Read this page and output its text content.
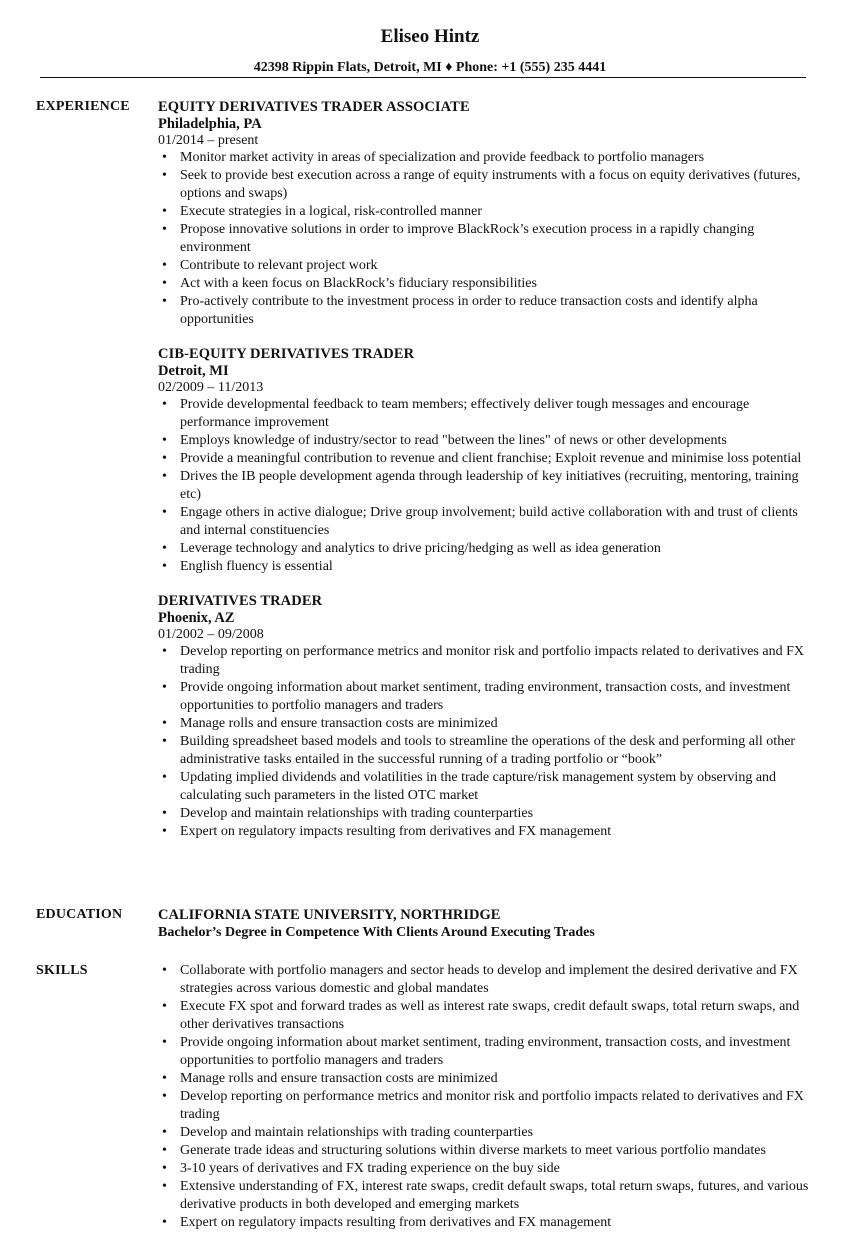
Eliseo Hintz
42398 Rippin Flats, Detroit, MI ♦ Phone: +1 (555) 235 4441
EXPERIENCE EQUITY DERIVATIVES TRADER ASSOCIATE
Philadelphia, PA
01/2014 – present
• Monitor market activity in areas of specialization and provide feedback to portfolio managers
• Seek to provide best execution across a range of equity instruments with a focus on equity derivatives (futures, options and swaps)
• Execute strategies in a logical, risk-controlled manner
• Propose innovative solutions in order to improve BlackRock’s execution process in a rapidly changing environment
• Contribute to relevant project work
• Act with a keen focus on BlackRock’s fiduciary responsibilities
• Pro-actively contribute to the investment process in order to reduce transaction costs and identify alpha opportunities
CIB-EQUITY DERIVATIVES TRADER
Detroit, MI
02/2009 – 11/2013
• Provide developmental feedback to team members; effectively deliver tough messages and encourage performance improvement
• Employs knowledge of industry/sector to read "between the lines" of news or other developments
• Provide a meaningful contribution to revenue and client franchise; Exploit revenue and minimise loss potential
• Drives the IB people development agenda through leadership of key initiatives (recruiting, mentoring, training etc)
• Engage others in active dialogue; Drive group involvement; build active collaboration with and trust of clients and internal constituencies
• Leverage technology and analytics to drive pricing/hedging as well as idea generation
• English fluency is essential
DERIVATIVES TRADER
Phoenix, AZ
01/2002 – 09/2008
• Develop reporting on performance metrics and monitor risk and portfolio impacts related to derivatives and FX trading
• Provide ongoing information about market sentiment, trading environment, transaction costs, and investment opportunities to portfolio managers and traders
• Manage rolls and ensure transaction costs are minimized
• Building spreadsheet based models and tools to streamline the operations of the desk and performing all other administrative tasks entailed in the successful running of a trading portfolio or “book”
• Updating implied dividends and volatilities in the trade capture/risk management system by observing and calculating such parameters in the listed OTC market
• Develop and maintain relationships with trading counterparties
• Expert on regulatory impacts resulting from derivatives and FX management
EDUCATION CALIFORNIA STATE UNIVERSITY, NORTHRIDGE
Bachelor’s Degree in Competence With Clients Around Executing Trades
SKILLS
•	Collaborate with portfolio managers and sector heads to develop and implement the desired derivative and FX strategies across various domestic and global mandates
• Execute FX spot and forward trades as well as interest rate swaps, credit default swaps, total return swaps, and other derivatives transactions
• Provide ongoing information about market sentiment, trading environment, transaction costs, and investment opportunities to portfolio managers and traders
• Manage rolls and ensure transaction costs are minimized
• Develop reporting on performance metrics and monitor risk and portfolio impacts related to derivatives and FX trading
• Develop and maintain relationships with trading counterparties
• Generate trade ideas and structuring solutions within diverse markets to meet various portfolio mandates
• 3-10 years of derivatives and FX trading experience on the buy side
• Extensive understanding of FX, interest rate swaps, credit default swaps, total return swaps, futures, and various derivative products in both developed and emerging markets
• Expert on regulatory impacts resulting from derivatives and FX management
